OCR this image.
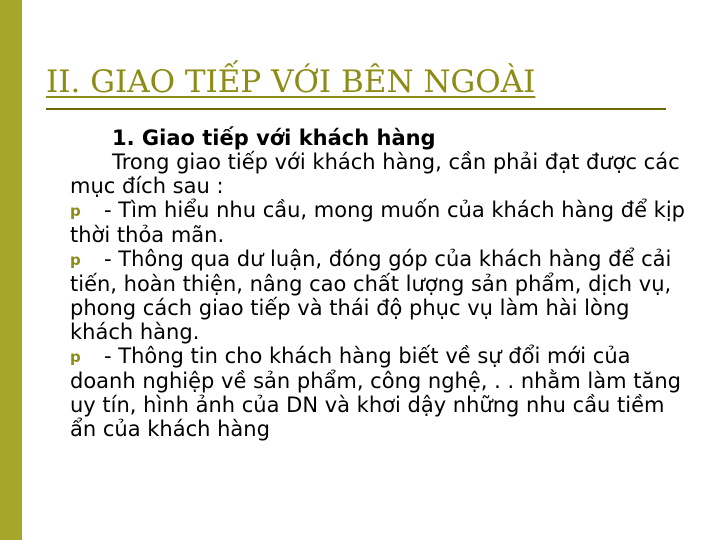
II. GIAO TIẾP VỚI BÊN NGOÀI

1. Giao tiếp với khách hàng

Trong giao tiếp với khách hàng, cần phải đạt được các mục đích sau :

p - Tìm hiểu nhu cầu, mong muốn của khách hàng để kịp thời thỏa mãn.

p - Thông qua dư luận, đóng góp của khách hàng để cải tiến, hoàn thiện, nâng cao chất lượng sản phẩm, dịch vụ, phong cách giao tiếp và thái độ phục vụ làm hài lòng khách hàng.

p - Thông tin cho khách hàng biết về sự đổi mới của doanh nghiệp về sản phẩm, công nghệ, . . nhằm làm tăng uy tín, hình ảnh của DN và khơi dậy những nhu cầu tiềm ẩn của khách hàng
